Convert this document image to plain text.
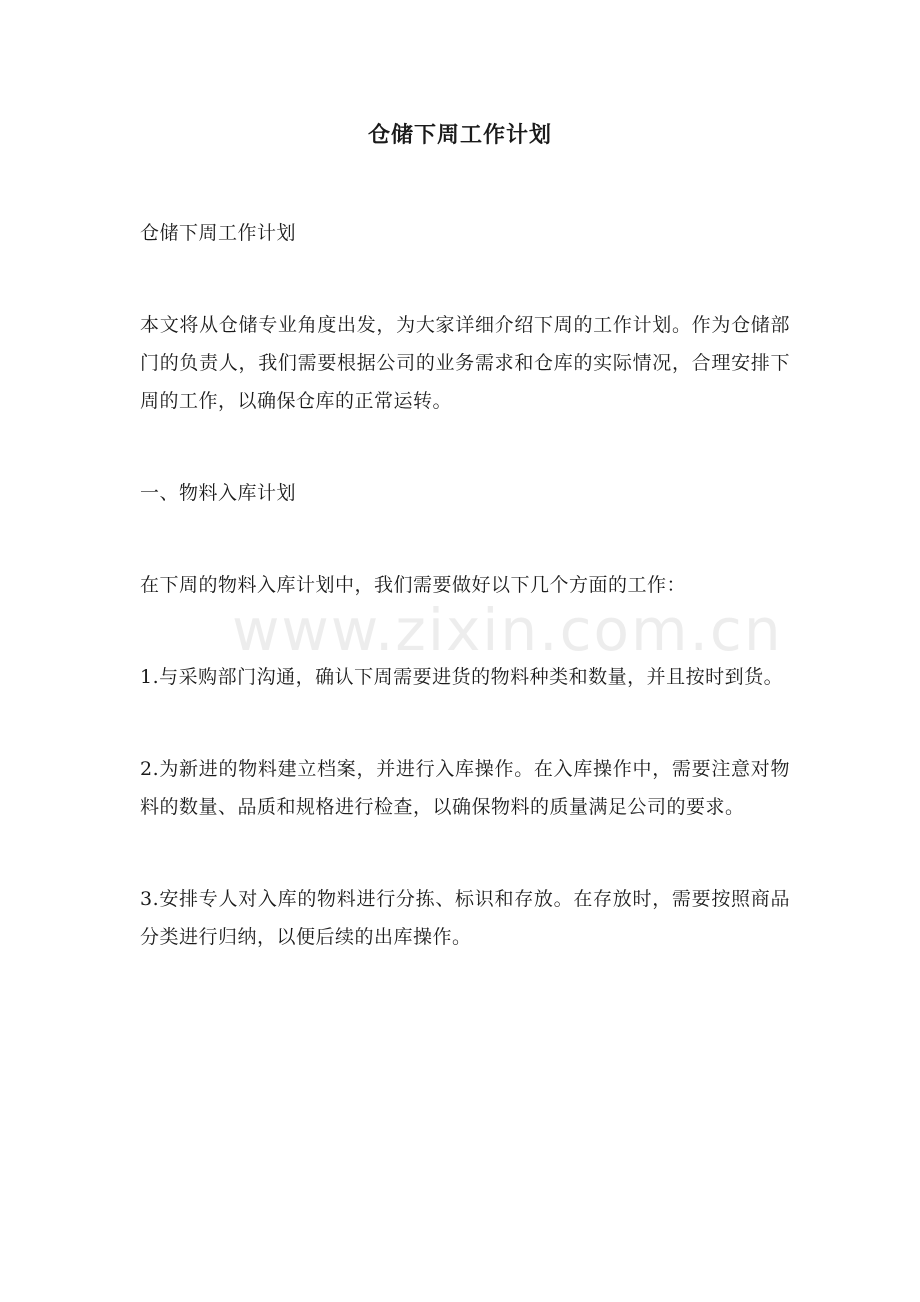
仓储下周工作计划

仓储下周工作计划

本文将从仓储专业角度出发，为大家详细介绍下周的工作计划。作为仓储部门的负责人，我们需要根据公司的业务需求和仓库的实际情况，合理安排下周的工作，以确保仓库的正常运转。

一、物料入库计划

在下周的物料入库计划中，我们需要做好以下几个方面的工作：

1.与采购部门沟通，确认下周需要进货的物料种类和数量，并且按时到货。

2.为新进的物料建立档案，并进行入库操作。在入库操作中，需要注意对物料的数量、品质和规格进行检查，以确保物料的质量满足公司的要求。

3.安排专人对入库的物料进行分拣、标识和存放。在存放时，需要按照商品分类进行归纳，以便后续的出库操作。

www.zixin.com.cn
